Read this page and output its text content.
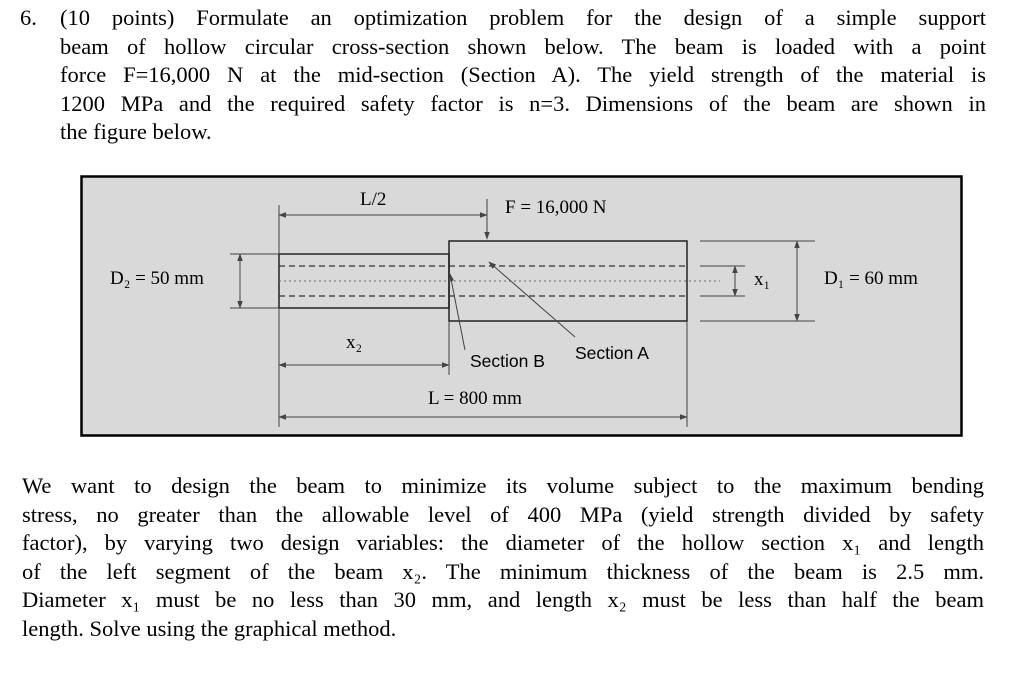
6. (10 points) Formulate an optimization problem for the design of a simple support
beam of hollow circular cross-section shown below. The beam is loaded with a point
force F=16,000 N at the mid-section (Section A). The yield strength of the material is
1200 MPa and the required safety factor is n=3. Dimensions of the beam are shown in
the figure below.
L/2	F = 16,000 N
D₂ = 50 mm	x₁	D₁ = 60 mm
x₂
Section B Section A
L = 800 mm
We want to design the beam to minimize its volume subject to the maximum bending
stress, no greater than the allowable level of 400 MPa (yield strength divided by safety
factor), by varying two design variables: the diameter of the hollow section x₁ and length
of the left segment of the beam x₂. The minimum thickness of the beam is 2.5 mm.
Diameter x₁ must be no less than 30 mm, and length x₂ must be less than half the beam
length. Solve using the graphical method.
